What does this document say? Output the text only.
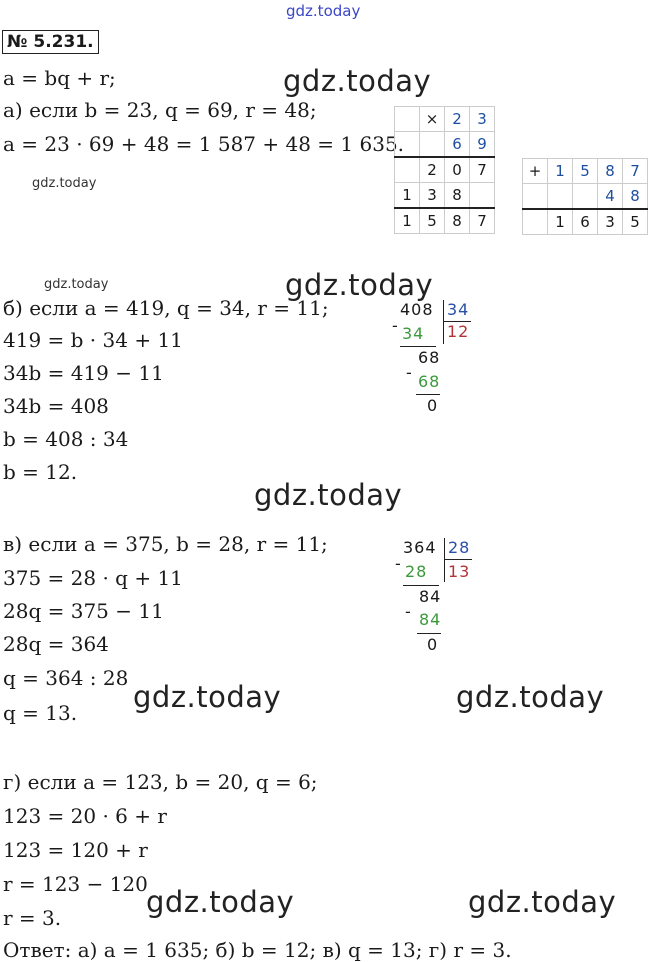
gdz.today
gdz.today
gdz.today
gdz.today	gdz.today
gdz.today
gdz.today	gdz.today
gdz.today	gdz.today
№ 5.231.
a = bq + r;
а) если b = 23, q = 69, r = 48;
a = 23 · 69 + 48 = 1 587 + 48 = 1 635.
	×	2	3
		6	9
	2	0	7
1	3	8	
1	5	8	7
+	1	5	8	7
			4	8
	1	6	3	5
б) если a = 419, q = 34, r = 11;
419 = b · 34 + 11
34b = 419 − 11
34b = 408
b = 408 : 34
b = 12.
408 34
12
- 34
68
- 68
0
в) если a = 375, b = 28, r = 11;
375 = 28 · q + 11
28q = 375 − 11
28q = 364
q = 364 : 28
q = 13.
364 28
13
- 28
84
- 84
0
г) если a = 123, b = 20, q = 6;
123 = 20 · 6 + r
123 = 120 + r
r = 123 − 120
r = 3.
Ответ: а) a = 1 635; б) b = 12; в) q = 13; г) r = 3.
